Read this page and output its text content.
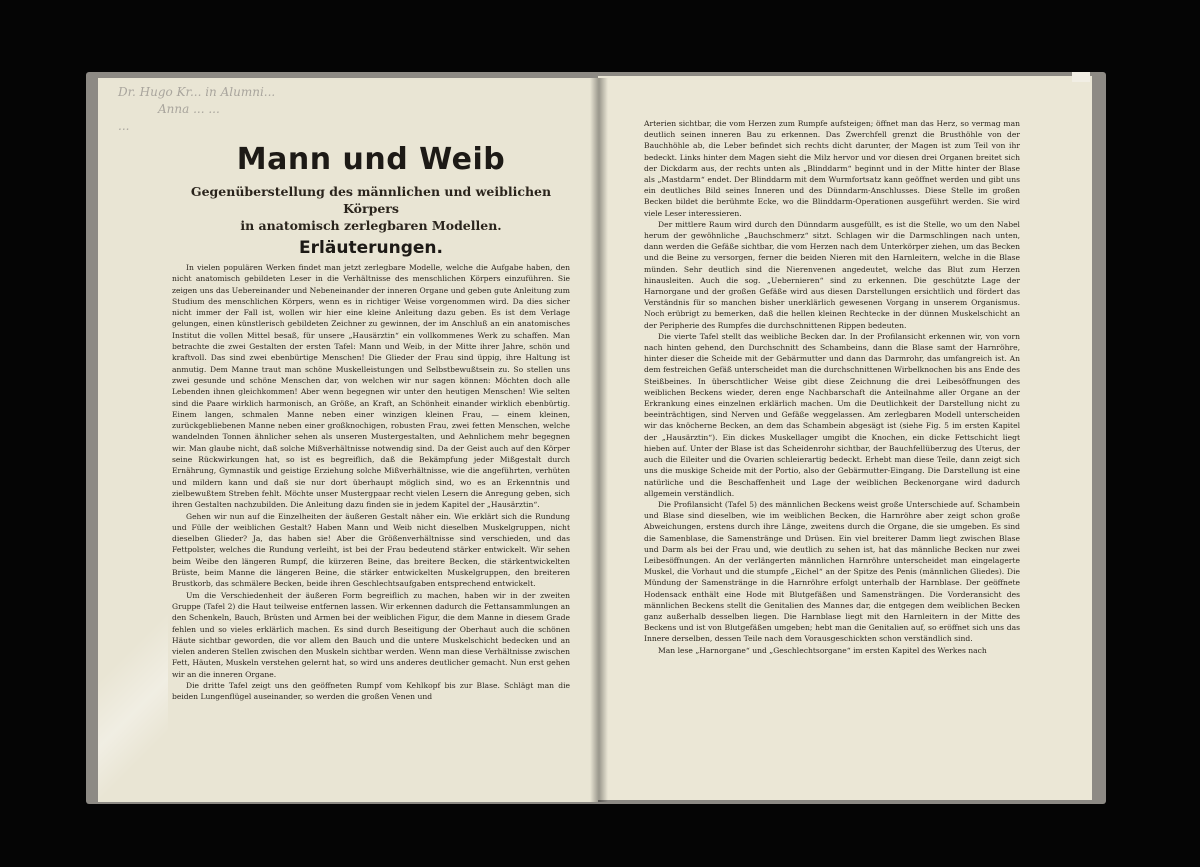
Mann und Weib
Gegenüberstellung des männlichen und weiblichen Körpers
in anatomisch zerlegbaren Modellen.
Erläuterungen.

In vielen populären Werken findet man jetzt zerlegbare Modelle, welche die Aufgabe haben, den nicht anatomisch gebildeten Leser in die Verhältnisse des menschlichen Körpers einzuführen. Sie zeigen uns das Uebereinander und Nebeneinander der inneren Organe und geben gute Anleitung zum Studium des menschlichen Körpers, wenn es in richtiger Weise vorgenommen wird. Da dies sicher nicht immer der Fall ist, wollen wir hier eine kleine Anleitung dazu geben. Es ist dem Verlage gelungen, einen künstlerisch gebildeten Zeichner zu gewinnen, der im Anschluß an ein anatomisches Institut die vollen Mittel besaß, für unsere „Hausärztin“ ein vollkommenes Werk zu schaffen. Man betrachte die zwei Gestalten der ersten Tafel: Mann und Weib, in der Mitte ihrer Jahre, schön und kraftvoll. Das sind zwei ebenbürtige Menschen! Die Glieder der Frau sind üppig, ihre Haltung ist anmutig. Dem Manne traut man schöne Muskelleistungen und Selbstbewußtsein zu. So stellen uns zwei gesunde und schöne Menschen dar, von welchen wir nur sagen können: Möchten doch alle Lebenden ihnen gleichkommen! Aber wenn begegnen wir unter den heutigen Menschen! Wie selten sind die Paare wirklich harmonisch, an Größe, an Kraft, an Schönheit einander wirklich ebenbürtig. Einem langen, schmalen Manne neben einer winzigen kleinen Frau, — einem kleinen, zurückgebliebenen Manne neben einer großknochigen, robusten Frau, zwei fetten Menschen, welche wandelnden Tonnen ähnlicher sehen als unseren Mustergestalten, und Aehnlichem mehr begegnen wir. Man glaube nicht, daß solche Mißverhältnisse notwendig sind. Da der Geist auch auf den Körper seine Rückwirkungen hat, so ist es begreiflich, daß die Bekämpfung jeder Mißgestalt durch Ernährung, Gymnastik und geistige Erziehung solche Mißverhältnisse, wie die angeführten, verhüten und mildern kann und daß sie nur dort überhaupt möglich sind, wo es an Erkenntnis und zielbewußtem Streben fehlt. Möchte unser Mustergpaar recht vielen Lesern die Anregung geben, sich ihren Gestalten nachzubilden. Die Anleitung dazu finden sie in jedem Kapitel der „Hausärztin“.

Gehen wir nun auf die Einzelheiten der äußeren Gestalt näher ein. Wie erklärt sich die Rundung und Fülle der weiblichen Gestalt? Haben Mann und Weib nicht dieselben Muskelgruppen, nicht dieselben Glieder? Ja, das haben sie! Aber die Größenverhältnisse sind verschieden, und das Fettpolster, welches die Rundung verleiht, ist bei der Frau bedeutend stärker entwickelt. Wir sehen beim Weibe den längeren Rumpf, die kürzeren Beine, das breitere Becken, die stärkentwickelten Brüste, beim Manne die längeren Beine, die stärker entwickelten Muskelgruppen, den breiteren Brustkorb, das schmälere Becken, beide ihren Geschlechtsaufgaben entsprechend entwickelt.

Um die Verschiedenheit der äußeren Form begreiflich zu machen, haben wir in der zweiten Gruppe (Tafel 2) die Haut teilweise entfernen lassen. Wir erkennen dadurch die Fettansammlungen an den Schenkeln, Bauch, Brüsten und Armen bei der weiblichen Figur, die dem Manne in diesem Grade fehlen und so vieles erklärlich machen. Es sind durch Beseitigung der Oberhaut auch die schönen Häute sichtbar geworden, die vor allem den Bauch und die untere Muskelschicht bedecken und an vielen anderen Stellen zwischen den Muskeln sichtbar werden. Wenn man diese Verhältnisse zwischen Fett, Häuten, Muskeln verstehen gelernt hat, so wird uns anderes deutlicher gemacht. Nun erst gehen wir an die inneren Organe.

Die dritte Tafel zeigt uns den geöffneten Rumpf vom Kehlkopf bis zur Blase. Schlägt man die beiden Lungenflügel auseinander, so werden die großen Venen und

Dr. Hugo Kr... in Alumni...
Anna ... ...
...	Arterien sichtbar, die vom Herzen zum Rumpfe aufsteigen; öffnet man das Herz, so vermag man deutlich seinen inneren Bau zu erkennen. Das Zwerchfell grenzt die Brusthöhle von der Bauchhöhle ab, die Leber befindet sich rechts dicht darunter, der Magen ist zum Teil von ihr bedeckt. Links hinter dem Magen sieht die Milz hervor und vor diesen drei Organen breitet sich der Dickdarm aus, der rechts unten als „Blinddarm“ beginnt und in der Mitte hinter der Blase als „Mastdarm“ endet. Der Blinddarm mit dem Wurmfortsatz kann geöffnet werden und gibt uns ein deutliches Bild seines Inneren und des Dünndarm-Anschlusses. Diese Stelle im großen Becken bildet die berühmte Ecke, wo die Blinddarm-Operationen ausgeführt werden. Sie wird viele Leser interessieren.

Der mittlere Raum wird durch den Dünndarm ausgefüllt, es ist die Stelle, wo um den Nabel herum der gewöhnliche „Bauchschmerz“ sitzt. Schlagen wir die Darmschlingen nach unten, dann werden die Gefäße sichtbar, die vom Herzen nach dem Unterkörper ziehen, um das Becken und die Beine zu versorgen, ferner die beiden Nieren mit den Harnleitern, welche in die Blase münden. Sehr deutlich sind die Nierenvenen angedeutet, welche das Blut zum Herzen hinausleiten. Auch die sog. „Uebernieren“ sind zu erkennen. Die geschützte Lage der Harnorgane und der großen Gefäße wird aus diesen Darstellungen ersichtlich und fördert das Verständnis für so manchen bisher unerklärlich gewesenen Vorgang in unserem Organismus. Noch erübrigt zu bemerken, daß die hellen kleinen Rechtecke in der dünnen Muskelschicht an der Peripherie des Rumpfes die durchschnittenen Rippen bedeuten.

Die vierte Tafel stellt das weibliche Becken dar. In der Profilansicht erkennen wir, von vorn nach hinten gehend, den Durchschnitt des Schambeins, dann die Blase samt der Harnröhre, hinter dieser die Scheide mit der Gebärmutter und dann das Darmrohr, das umfangreich ist. An dem festreichen Gefäß unterscheidet man die durchschnittenen Wirbelknochen bis ans Ende des Steißbeines. In überschtlicher Weise gibt diese Zeichnung die drei Leibesöffnungen des weiblichen Beckens wieder, deren enge Nachbarschaft die Anteilnahme aller Organe an der Erkrankung eines einzelnen erklärlich machen. Um die Deutlichkeit der Darstellung nicht zu beeinträchtigen, sind Nerven und Gefäße weggelassen. Am zerlegbaren Modell unterscheiden wir das knöcherne Becken, an dem das Schambein abgesägt ist (siehe Fig. 5 im ersten Kapitel der „Hausärztin“). Ein dickes Muskellager umgibt die Knochen, ein dicke Fettschicht liegt hieben auf. Unter der Blase ist das Scheidenrohr sichtbar, der Bauchfellüberzug des Uterus, der auch die Eileiter und die Ovarien schleierartig bedeckt. Erhebt man diese Teile, dann zeigt sich uns die muskige Scheide mit der Portio, also der Gebärmutter-Eingang. Die Darstellung ist eine natürliche und die Beschaffenheit und Lage der weiblichen Beckenorgane wird dadurch allgemein verständlich.

Die Profilansicht (Tafel 5) des männlichen Beckens weist große Unterschiede auf. Schambein und Blase sind dieselben, wie im weiblichen Becken, die Harnröhre aber zeigt schon große Abweichungen, erstens durch ihre Länge, zweitens durch die Organe, die sie umgeben. Es sind die Samenblase, die Samenstränge und Drüsen. Ein viel breiterer Damm liegt zwischen Blase und Darm als bei der Frau und, wie deutlich zu sehen ist, hat das männliche Becken nur zwei Leibesöffnungen. An der verlängerten männlichen Harnröhre unterscheidet man eingelagerte Muskel, die Vorhaut und die stumpfe „Eichel“ an der Spitze des Penis (männlichen Gliedes). Die Mündung der Samenstränge in die Harnröhre erfolgt unterhalb der Harnblase. Der geöffnete Hodensack enthält eine Hode mit Blutgefäßen und Samensträngen. Die Vorderansicht des männlichen Beckens stellt die Genitalien des Mannes dar, die entgegen dem weiblichen Becken ganz außerhalb desselben liegen. Die Harnblase liegt mit den Harnleitern in der Mitte des Beckens und ist von Blutgefäßen umgeben; hebt man die Genitalien auf, so eröffnet sich uns das Innere derselben, dessen Teile nach dem Vorausgeschickten schon verständlich sind.

Man lese „Harnorgane“ und „Geschlechtsorgane“ im ersten Kapitel des Werkes nach
